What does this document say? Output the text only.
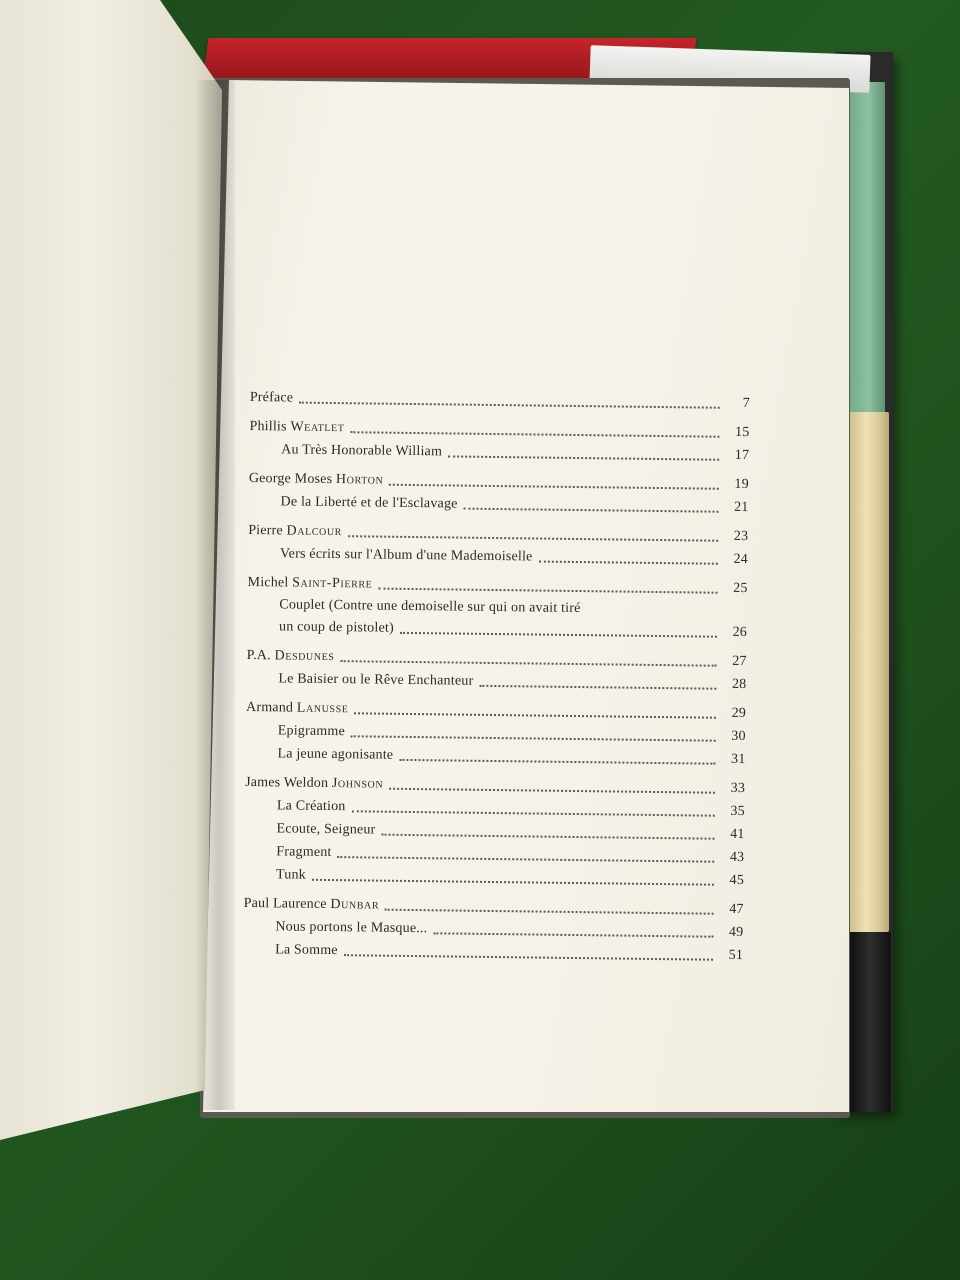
Préface	7
Phillis Weatlet	15
Au Très Honorable William	17
George Moses Horton	19
De la Liberté et de l'Esclavage	21
Pierre Dalcour	23
Vers écrits sur l'Album d'une Mademoiselle	24
Michel Saint-Pierre	25
Couplet (Contre une demoiselle sur qui on avait tiré
un coup de pistolet)	26
P.A. Desdunes	27
Le Baisier ou le Rêve Enchanteur	28
Armand Lanusse	29
Epigramme	30
La jeune agonisante	31
James Weldon Johnson	33
La Création	35
Ecoute, Seigneur	41
Fragment	43
Tunk	45
Paul Laurence Dunbar	47
Nous portons le Masque...	49
La Somme	51
